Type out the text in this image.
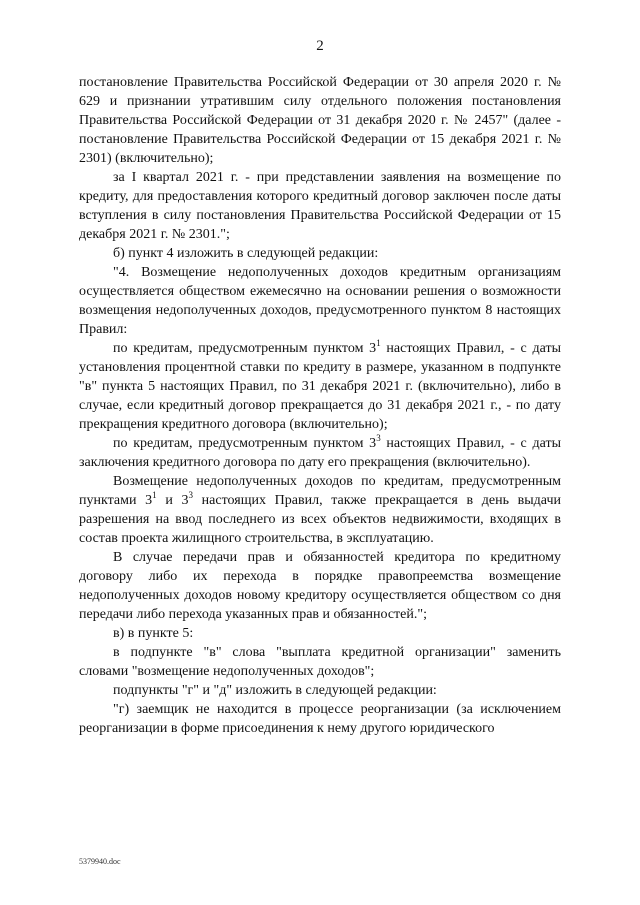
2

постановление Правительства Российской Федерации от 30 апреля 2020 г. № 629 и признании утратившим силу отдельного положения постановления Правительства Российской Федерации от 31 декабря 2020 г. № 2457" (далее - постановление Правительства Российской Федерации от 15 декабря 2021 г. № 2301) (включительно);

за I квартал 2021 г. - при представлении заявления на возмещение по кредиту, для предоставления которого кредитный договор заключен после даты вступления в силу постановления Правительства Российской Федерации от 15 декабря 2021 г. № 2301.";

б) пункт 4 изложить в следующей редакции:

"4. Возмещение недополученных доходов кредитным организациям осуществляется обществом ежемесячно на основании решения о возможности возмещения недополученных доходов, предусмотренного пунктом 8 настоящих Правил:

по кредитам, предусмотренным пунктом $3^1$ настоящих Правил, - с даты установления процентной ставки по кредиту в размере, указанном в подпункте "в" пункта 5 настоящих Правил, по 31 декабря 2021 г. (включительно), либо в случае, если кредитный договор прекращается до 31 декабря 2021 г., - по дату прекращения кредитного договора (включительно);

по кредитам, предусмотренным пунктом $3^3$ настоящих Правил, - с даты заключения кредитного договора по дату его прекращения (включительно).

Возмещение недополученных доходов по кредитам, предусмотренным пунктами $3^1$ и $3^3$ настоящих Правил, также прекращается в день выдачи разрешения на ввод последнего из всех объектов недвижимости, входящих в состав проекта жилищного строительства, в эксплуатацию.

В случае передачи прав и обязанностей кредитора по кредитному договору либо их перехода в порядке правопреемства возмещение недополученных доходов новому кредитору осуществляется обществом со дня передачи либо перехода указанных прав и обязанностей.";

в) в пункте 5:

в подпункте "в" слова "выплата кредитной организации" заменить словами "возмещение недополученных доходов";

подпункты "г" и "д" изложить в следующей редакции:

"г) заемщик не находится в процессе реорганизации (за исключением реорганизации в форме присоединения к нему другого юридического

5379940.doc
